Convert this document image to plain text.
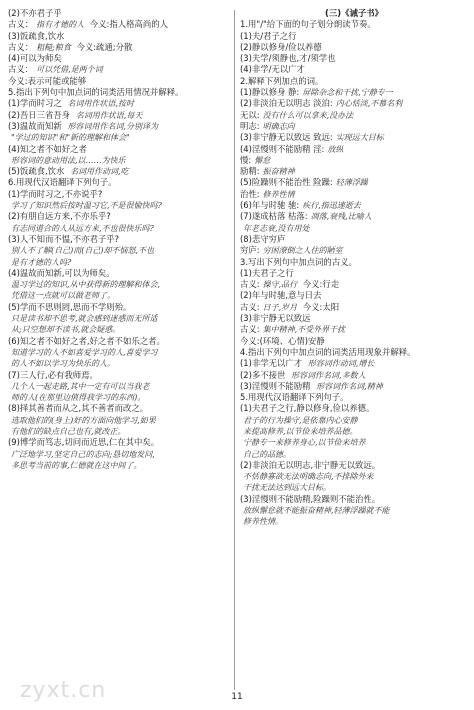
(2)不亦君子乎
古义： 指有才德的人 今义:指人格高尚的人
(3)饭疏食,饮水
古义： 粗糙;粮食 今义:疏通;分散
(4)可以为师矣
古义： 可以凭借,是两个词
今义:表示可能或能够
5.指出下列句中加点词的词类活用情况并解释。
(1)学而时习之 名词用作状语,按时
(2)吾日三省吾身 名词用作状语,每天
(3)温故而知新 形容词用作名词,分别译为
"学过的知识"和"新的理解和体会"
(4)知之者不如好之者
形容词的意动用法,以……为快乐
(5)饭疏食,饮水 名词用作动词,吃
6.用现代汉语翻译下列句子。
(1)学而时习之,不亦说乎?
学习了知识然后按时温习它,不是很愉快吗?
(2)有朋自远方来,不亦乐乎?
有志同道合的人从远方来,不也很快乐吗?
(3)人不知而不愠,不亦君子乎?
别人不了解(自己)而(自己)却不恼怒,不也
是有才德的人吗?
(4)温故而知新,可以为师矣。
温习学过的知识,从中获得新的理解和体会,
凭借这一点就可以做老师了。
(5)学而不思则罔,思而不学则殆。
只是读书却不思考,就会感到迷惑而无所适
从;只空想却不读书,就会疑惑。
(6)知之者不如好之者,好之者不如乐之者。
知道学习的人不如喜爱学习的人,喜爱学习
的人不如以学习为快乐的人。
(7)三人行,必有我师焉。
几个人一起走路,其中一定有可以当我老
师的人(在那里边值得我学习的东西)。
(8)择其善者而从之,其不善者而改之。
选取他们的(身上)好的方面向他学习,如果
有他们的缺点自己也有,就改正。
(9)博学而笃志,切问而近思,仁在其中矣。
广泛地学习,坚定自己的志向;恳切地发问,
多思考当前的事,仁德就在这中间了。
(三)《诫子书》
1.用"/"给下面的句子划分朗读节奏。
(1)夫/君子之行
(2)静以修身/俭以养德
(3)夫学/须静也,才/须学也
(4)非学/无以广才
2.解释下列加点的词。
(1)静以修身 静: 屏除杂念和干扰,宁静专一
(2)非淡泊无以明志 淡泊: 内心恬淡,不慕名利
无以: 没有什么可以拿来,没办法
明志: 明确志向
(3)非宁静无以致远 致远: 实现远大目标
(4)淫慢则不能励精 淫: 放纵
慢: 懈怠
励精: 振奋精神
(5)险躁则不能治性 险躁: 轻薄浮躁
治性: 修养性情
(6)年与时驰 驰: 疾行,指迅速逝去
(7)遂成枯落 枯落: 凋落,衰残,比喻人
年老志衰,没有用处
(8)悲守穷庐
穷庐: 穷困潦倒之人住的陋室
3.写出下列句中加点词的古义。
(1)夫君子之行
古义: 操守,品行 今义:行走
(2)年与时驰,意与日去
古义: 日子,岁月 今义:太阳
(3)非宁静无以致远
古义: 集中精神,不受外界干扰
今义:(环境、心情)安静
4.指出下列句中加点词的词类活用现象并解释。
(1)非学无以广才 形容词作动词,增长
(2)多不接世 形容词作名词,多数人
(3)淫慢则不能励精 形容词作名词,精神
5.用现代汉语翻译下列句子。
(1)夫君子之行,静以修身,俭以养德。
君子的行为操守,是依靠内心安静
来提高修养,以节俭来培养品德。
宁静专一来修养身心,以节俭来培养
自己的品德。
(2)非淡泊无以明志,非宁静无以致远。
不恬静寡欲无法明确志向,不排除外来
干扰无法达到远大目标。
(3)淫慢则不能励精,险躁则不能治性。
放纵懈怠就不能振奋精神,轻薄浮躁就不能
修养性情。
zyxt.cn	11
